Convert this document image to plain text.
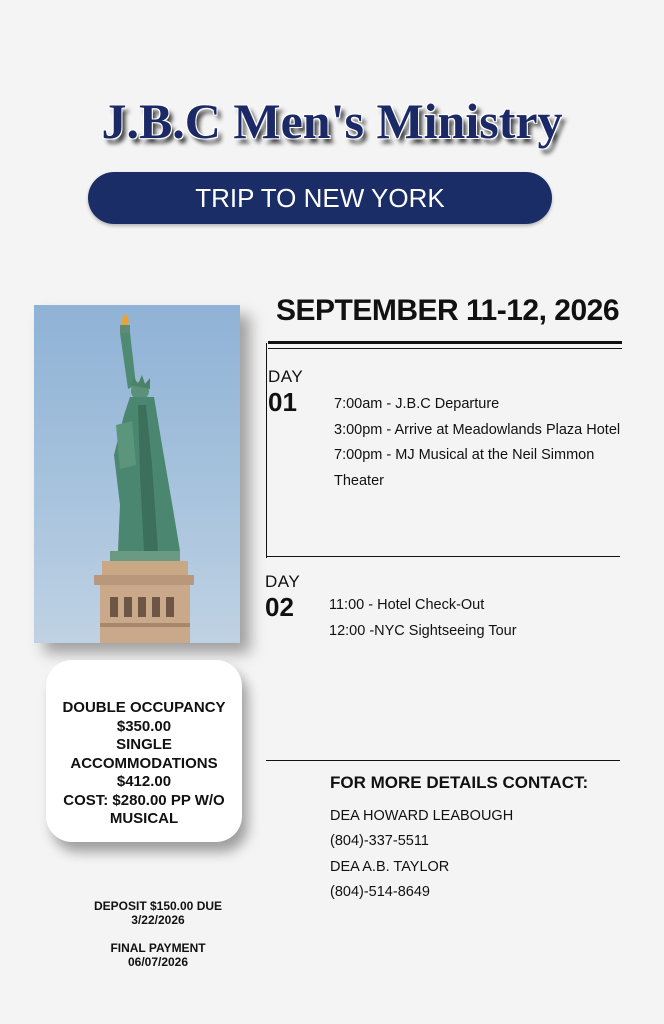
J.B.C Men's Ministry
TRIP TO NEW YORK
SEPTEMBER 11-12, 2026
DAY
01	7:00am - J.B.C Departure
3:00pm - Arrive at Meadowlands Plaza Hotel
7:00pm - MJ Musical at the Neil Simmon
Theater
DAY
02 11:00 - Hotel Check-Out
12:00 -NYC Sightseeing Tour
DOUBLE OCCUPANCY
$350.00
SINGLE
ACCOMMODATIONS
$412.00
COST: $280.00 PP W/O
MUSICAL
DEPOSIT $150.00 DUE
3/22/2026
FINAL PAYMENT
06/07/2026
FOR MORE DETAILS CONTACT:
DEA HOWARD LEABOUGH
(804)-337-5511
DEA A.B. TAYLOR
(804)-514-8649
